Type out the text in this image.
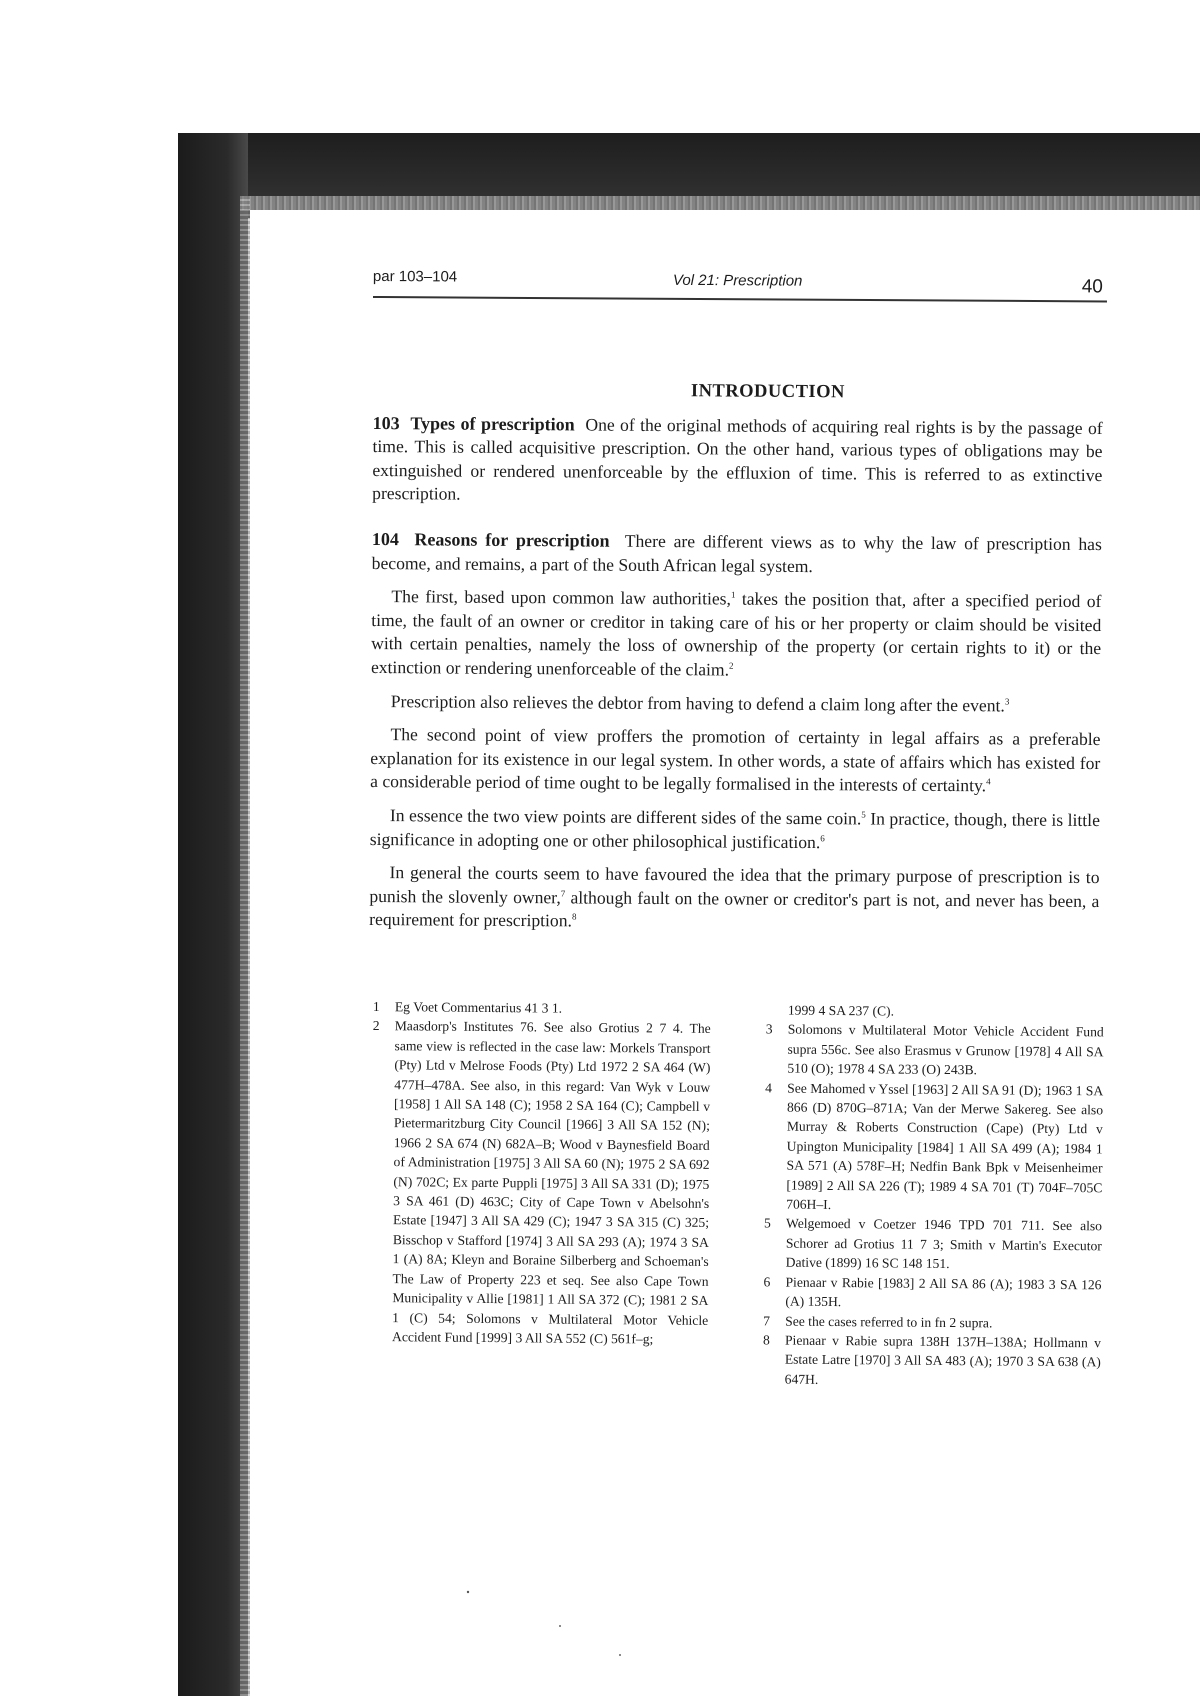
par 103–104	Vol 21: Prescription	40
INTRODUCTION

103 Types of prescription One of the original methods of acquiring real rights is by the passage of time. This is called acquisitive prescription. On the other hand, various types of obligations may be extinguished or rendered unenforceable by the effluxion of time. This is referred to as extinctive prescription.

104 Reasons for prescription There are different views as to why the law of prescription has become, and remains, a part of the South African legal system.

The first, based upon common law authorities,$^1$ takes the position that, after a specified period of time, the fault of an owner or creditor in taking care of his or her property or claim should be visited with certain penalties, namely the loss of ownership of the property (or certain rights to it) or the extinction or rendering unenforceable of the claim.$^2$

Prescription also relieves the debtor from having to defend a claim long after the event.$^3$

The second point of view proffers the promotion of certainty in legal affairs as a preferable explanation for its existence in our legal system. In other words, a state of affairs which has existed for a considerable period of time ought to be legally formalised in the interests of certainty.$^4$

In essence the two view points are different sides of the same coin.$^5$ In practice, though, there is little significance in adopting one or other philosophical justification.$^6$

In general the courts seem to have favoured the idea that the primary purpose of prescription is to punish the slovenly owner,$^7$ although fault on the owner or creditor's part is not, and never has been, a requirement for prescription.$^8$

1	Eg Voet Commentarius 41 3 1.
2	Maasdorp's Institutes 76. See also Grotius 2 7 4. The same view is reflected in the case law: Morkels Transport (Pty) Ltd v Melrose Foods (Pty) Ltd 1972 2 SA 464 (W) 477H–478A. See also, in this regard: Van Wyk v Louw [1958] 1 All SA 148 (C); 1958 2 SA 164 (C); Campbell v Pietermaritzburg City Council [1966] 3 All SA 152 (N); 1966 2 SA 674 (N) 682A–B; Wood v Baynesfield Board of Administration [1975] 3 All SA 60 (N); 1975 2 SA 692 (N) 702C; Ex parte Puppli [1975] 3 All SA 331 (D); 1975 3 SA 461 (D) 463C; City of Cape Town v Abelsohn's Estate [1947] 3 All SA 429 (C); 1947 3 SA 315 (C) 325; Bisschop v Stafford [1974] 3 All SA 293 (A); 1974 3 SA 1 (A) 8A; Kleyn and Boraine Silberberg and Schoeman's The Law of Property 223 et seq. See also Cape Town Municipality v Allie [1981] 1 All SA 372 (C); 1981 2 SA 1 (C) 54; Solomons v Multilateral Motor Vehicle Accident Fund [1999] 3 All SA 552 (C) 561f–g;
1999 4 SA 237 (C).
3	Solomons v Multilateral Motor Vehicle Accident Fund supra 556c. See also Erasmus v Grunow [1978] 4 All SA 510 (O); 1978 4 SA 233 (O) 243B.
4	See Mahomed v Yssel [1963] 2 All SA 91 (D); 1963 1 SA 866 (D) 870G–871A; Van der Merwe Sakereg. See also Murray & Roberts Construction (Cape) (Pty) Ltd v Upington Municipality [1984] 1 All SA 499 (A); 1984 1 SA 571 (A) 578F–H; Nedfin Bank Bpk v Meisenheimer [1989] 2 All SA 226 (T); 1989 4 SA 701 (T) 704F–705C 706H–I.
5	Welgemoed v Coetzer 1946 TPD 701 711. See also Schorer ad Grotius 11 7 3; Smith v Martin's Executor Dative (1899) 16 SC 148 151.
6	Pienaar v Rabie [1983] 2 All SA 86 (A); 1983 3 SA 126 (A) 135H.
7	See the cases referred to in fn 2 supra.
8	Pienaar v Rabie supra 138H 137H–138A; Hollmann v Estate Latre [1970] 3 All SA 483 (A); 1970 3 SA 638 (A) 647H.
